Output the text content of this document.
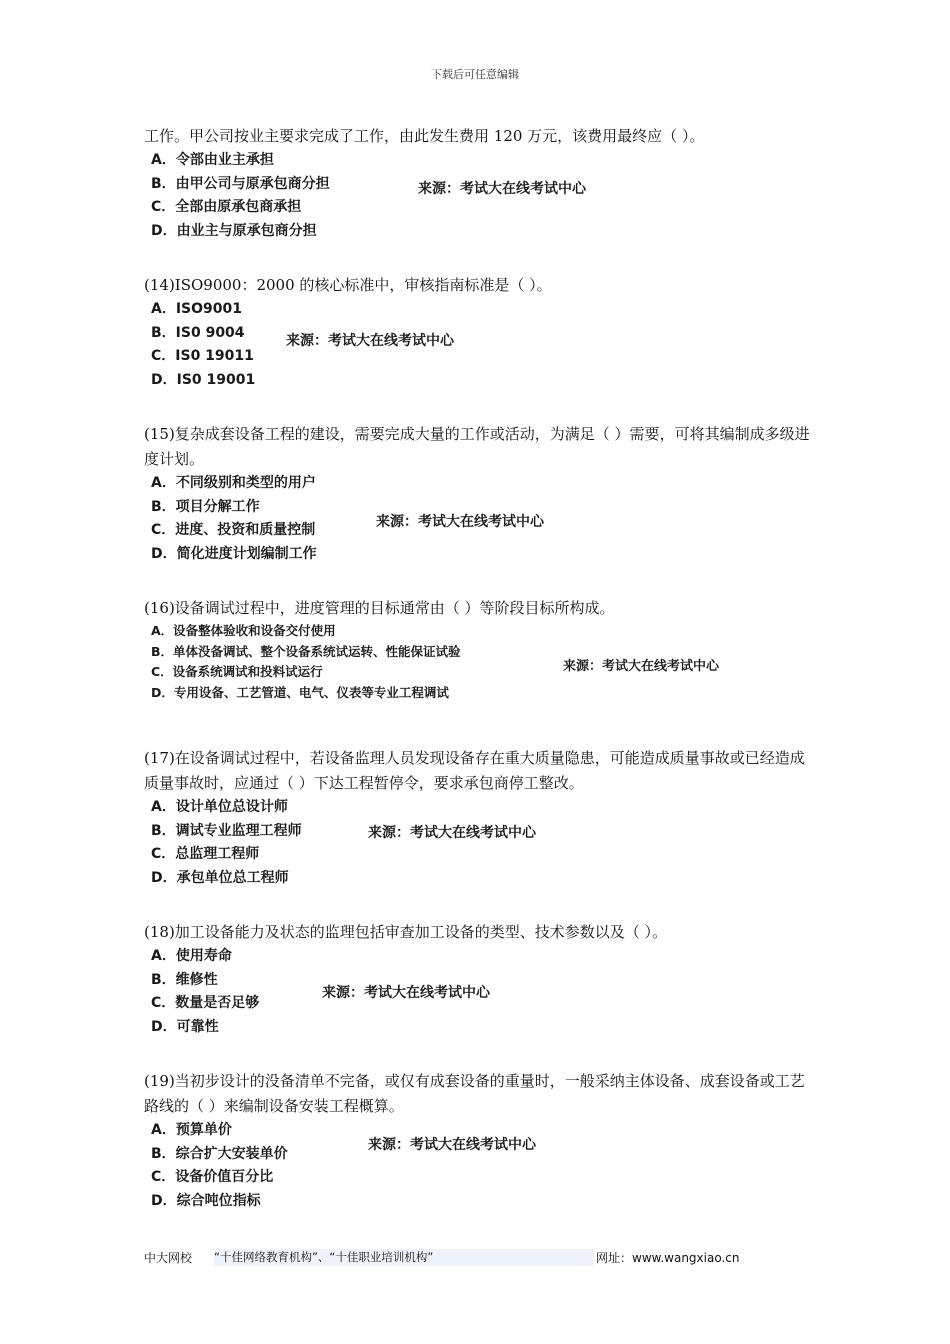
下载后可任意编辑

工作。甲公司按业主要求完成了工作，由此发生费用 120 万元，该费用最终应（ ）。

A．令部由业主承担
B．由甲公司与原承包商分担
C．全部由原承包商承担
D．由业主与原承包商分担
来源：考试大在线考试中心

(14)ISO9000：2000 的核心标准中，审核指南标准是（ ）。

A．ISO9001
B．IS0 9004
C．IS0 19011
D．IS0 19001
来源：考试大在线考试中心

(15)复杂成套设备工程的建设，需要完成大量的工作或活动，为满足（ ）需要，可将其编制成多级进度计划。

A．不同级别和类型的用户
B．项目分解工作
C．进度、投资和质量控制
D．简化进度计划编制工作
来源：考试大在线考试中心

(16)设备调试过程中，进度管理的目标通常由（ ）等阶段目标所构成。

A．设备整体验收和设备交付使用
B．单体没备调试、整个设备系统试运转、性能保证试验
C．设备系统调试和投料试运行
D．专用设备、工艺管道、电气、仪表等专业工程调试
来源：考试大在线考试中心

(17)在设备调试过程中，若设备监理人员发现设备存在重大质量隐患，可能造成质量事故或已经造成质量事故时，应通过（ ）下达工程暂停令，要求承包商停工整改。

A．设计单位总设计师
B．调试专业监理工程师
C．总监理工程师
D．承包单位总工程师
来源：考试大在线考试中心

(18)加工设备能力及状态的监理包括审查加工设备的类型、技术参数以及（ ）。

A．使用寿命
B．维修性
C．数量是否足够
D．可靠性
来源：考试大在线考试中心

(19)当初步设计的没备清单不完备，或仅有成套设备的重量时，一般采纳主体设备、成套设备或工艺路线的（ ）来编制设备安装工程概算。

A．预算单价
B．综合扩大安装单价
C．设备价值百分比
D．综合吨位指标
来源：考试大在线考试中心
中大网校 “十佳网络教育机构”、“十佳职业培训机构”	网址：www.wangxiao.cn
